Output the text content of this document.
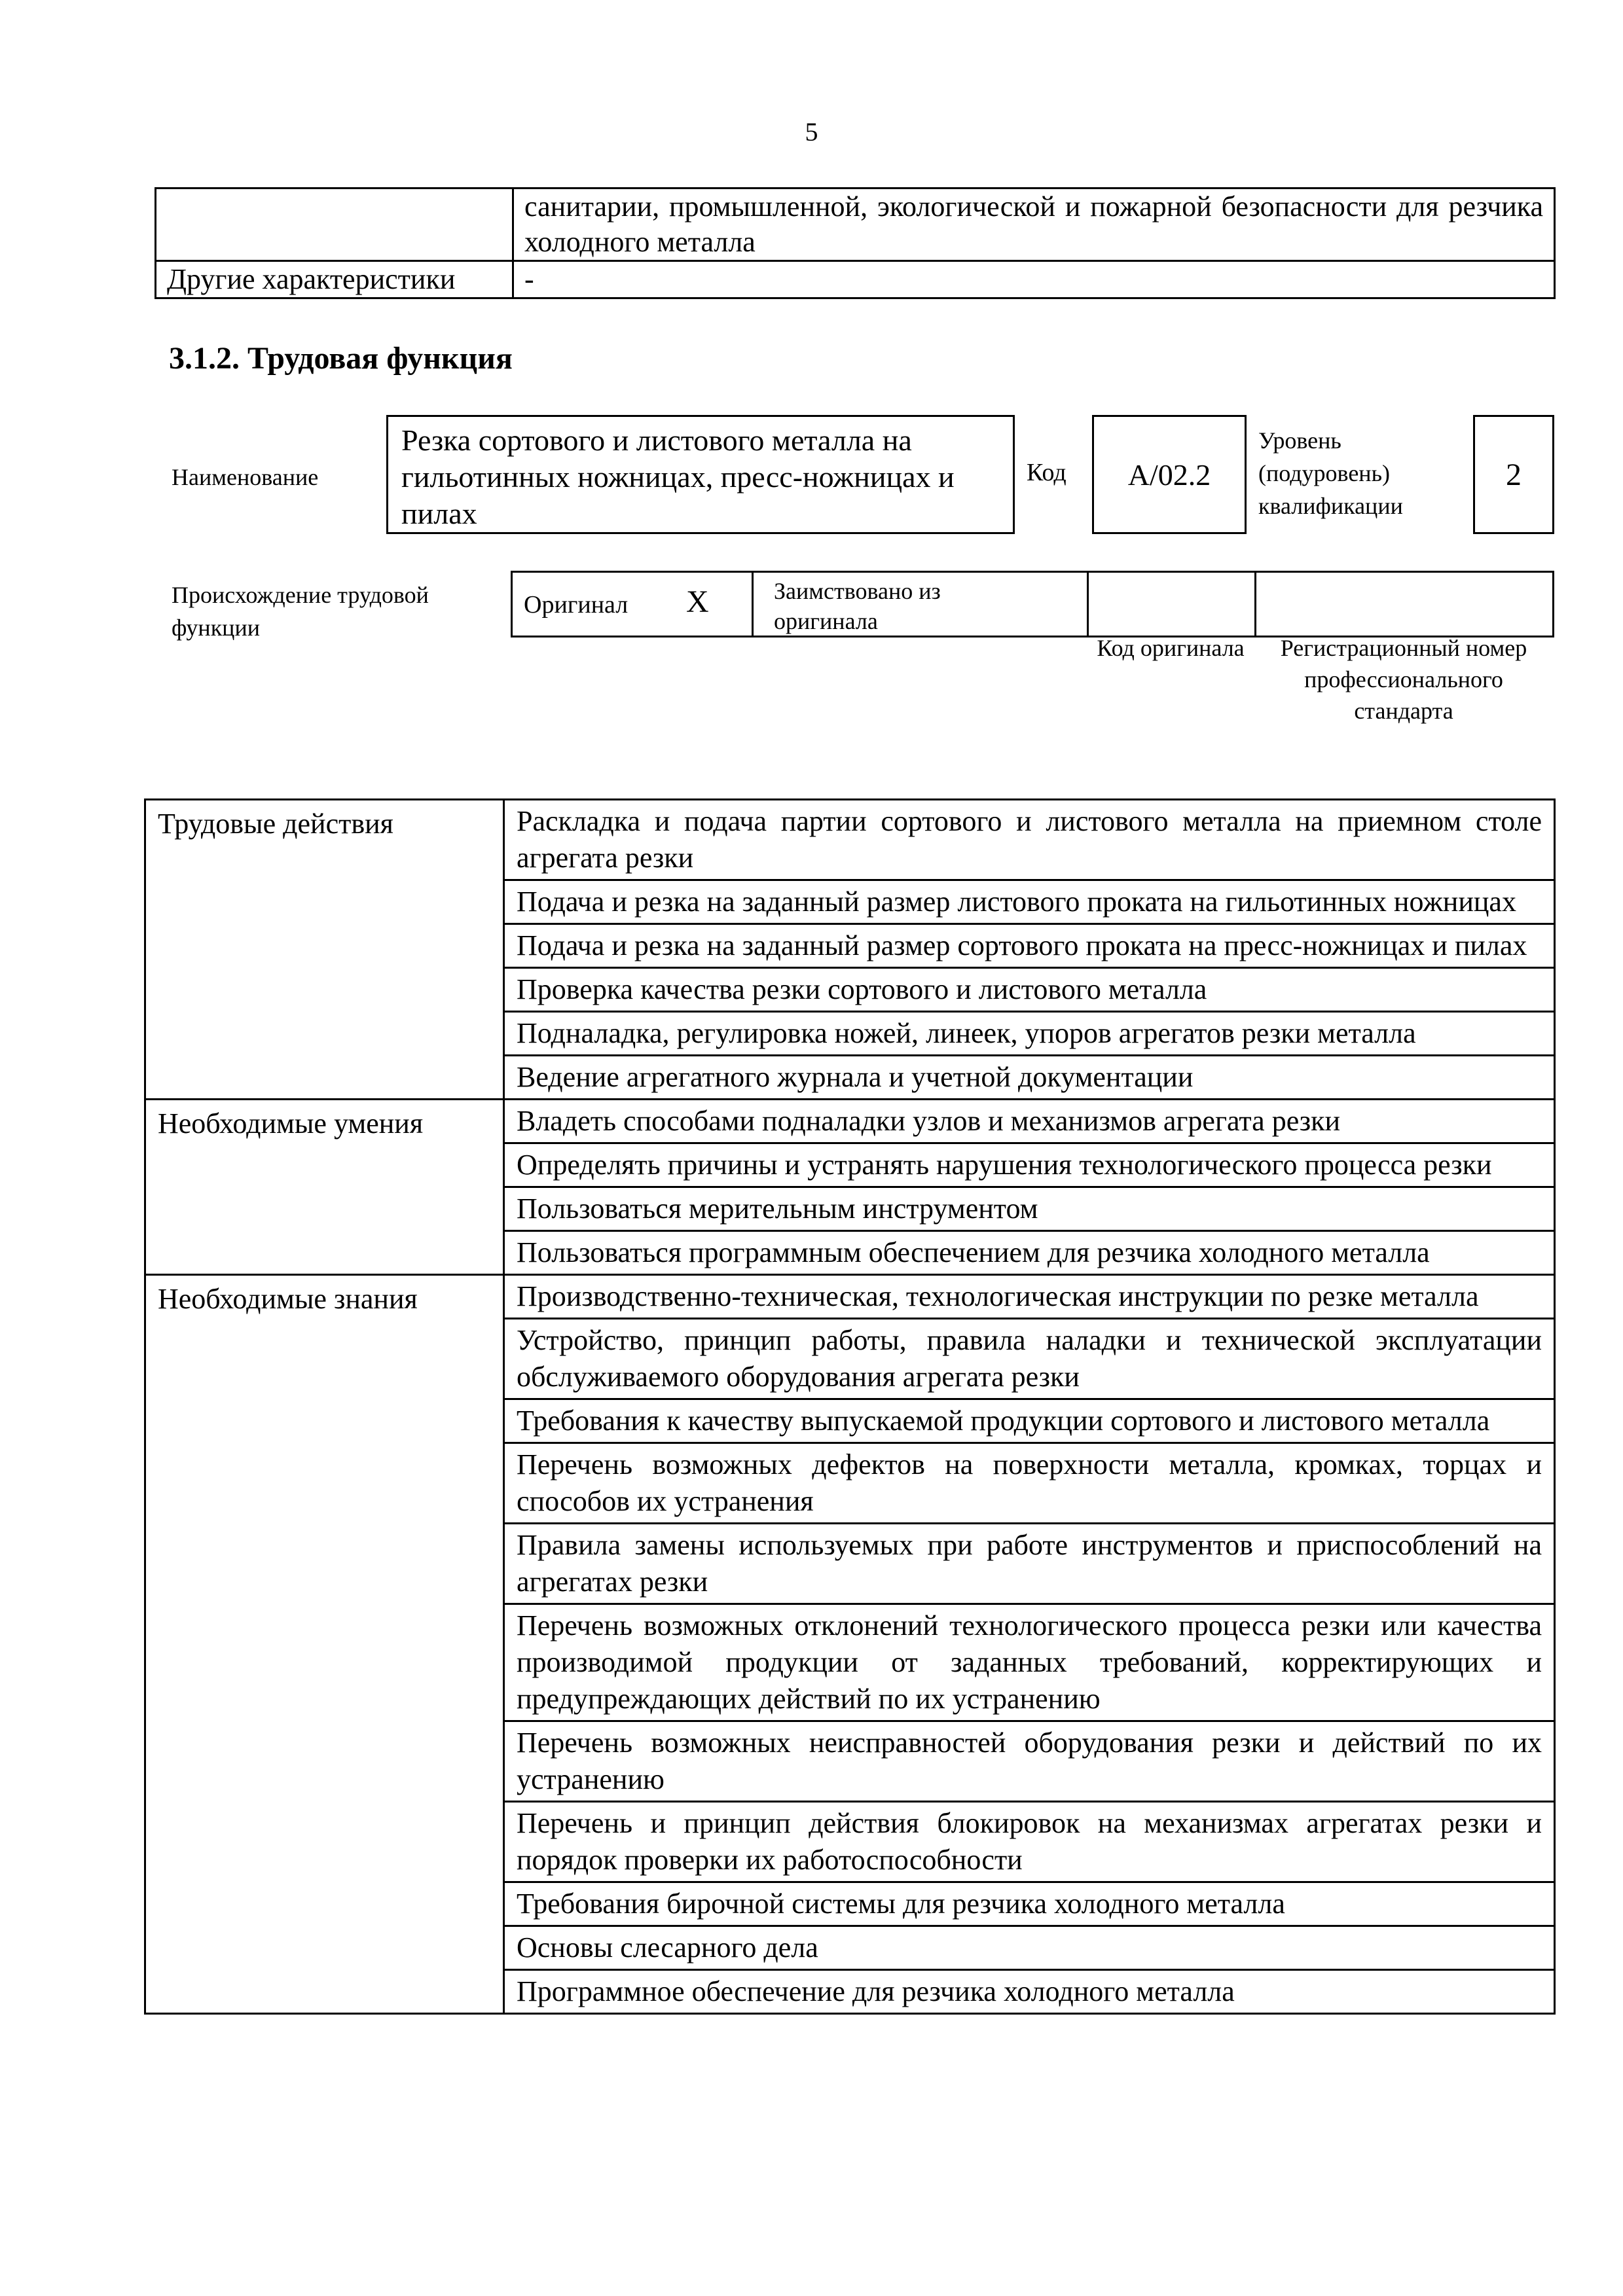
5
	санитарии, промышленной, экологической и пожарной безопасности для резчика холодного металла
Другие характеристики	-
3.1.2. Трудовая функция
Наименование
Резка сортового и листового металла на гильотинных ножницах, пресс-ножницах и пилах
Код	А/02.2
Уровень (подуровень) квалификации
2
Происхождение трудовой функции
Оригинал Х	Заимствовано из оригинала
Код оригинала	Регистрационный номер профессионального стандарта
Трудовые действия	Раскладка и подача партии сортового и листового металла на приемном столе агрегата резки
	Подача и резка на заданный размер листового проката на гильотинных ножницах
	Подача и резка на заданный размер сортового проката на пресс-ножницах и пилах
	Проверка качества резки сортового и листового металла
	Подналадка, регулировка ножей, линеек, упоров агрегатов резки металла
	Ведение агрегатного журнала и учетной документации
Необходимые умения	Владеть способами подналадки узлов и механизмов агрегата резки
	Определять причины и устранять нарушения технологического процесса резки
	Пользоваться мерительным инструментом
	Пользоваться программным обеспечением для резчика холодного металла
Необходимые знания	Производственно-техническая, технологическая инструкции по резке металла
	Устройство, принцип работы, правила наладки и технической эксплуатации обслуживаемого оборудования агрегата резки
	Требования к качеству выпускаемой продукции сортового и листового металла
	Перечень возможных дефектов на поверхности металла, кромках, торцах и способов их устранения
	Правила замены используемых при работе инструментов и приспособлений на агрегатах резки
	Перечень возможных отклонений технологического процесса резки или качества производимой продукции от заданных требований, корректирующих и предупреждающих действий по их устранению
	Перечень возможных неисправностей оборудования резки и действий по их устранению
	Перечень и принцип действия блокировок на механизмах агрегатах резки и порядок проверки их работоспособности
	Требования бирочной системы для резчика холодного металла
	Основы слесарного дела
	Программное обеспечение для резчика холодного металла
